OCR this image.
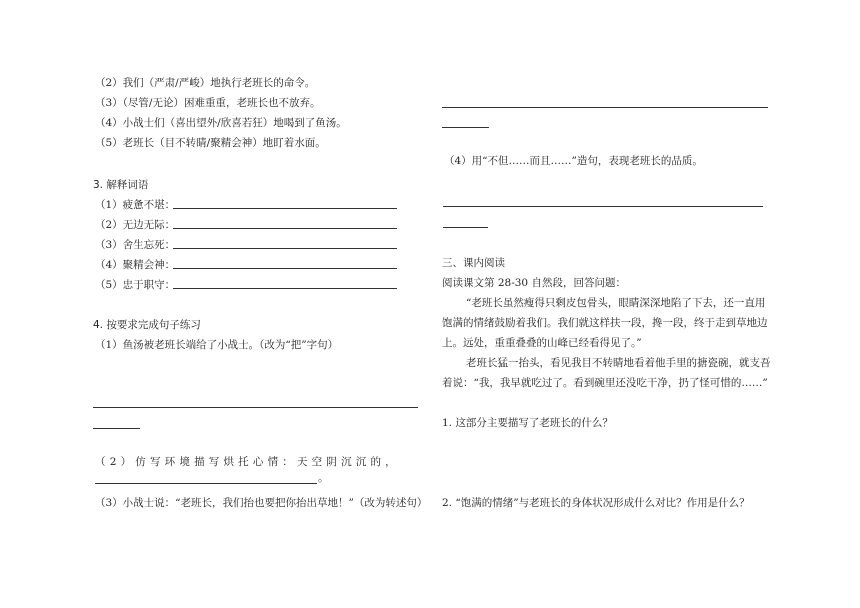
（2）我们（严肃/严峻）地执行老班长的命令。
（3）（尽管/无论）困难重重，老班长也不放弃。
（4）小战士们（喜出望外/欣喜若狂）地喝到了鱼汤。
（5）老班长（目不转睛/聚精会神）地盯着水面。
3. 解释词语
（1）疲惫不堪：
（2）无边无际：
（3）舍生忘死：
（4）聚精会神：
（5）忠于职守：
4. 按要求完成句子练习
（1）鱼汤被老班长端给了小战士。（改为“把”字句）
（2）仿写环境描写烘托心情：天空阴沉沉的，
。
（3）小战士说：“老班长，我们抬也要把你抬出草地！”（改为转述句）
（4）用“不但……而且……”造句，表现老班长的品质。
三、课内阅读
阅读课文第 28-30 自然段，回答问题：
“老班长虽然瘦得只剩皮包骨头，眼睛深深地陷了下去，还一直用
饱满的情绪鼓励着我们。我们就这样扶一段，搀一段，终于走到草地边
上。远处，重重叠叠的山峰已经看得见了。”
老班长猛一抬头，看见我目不转睛地看着他手里的搪瓷碗，就支吾
着说：“我，我早就吃过了。看到碗里还没吃干净，扔了怪可惜的……”
1. 这部分主要描写了老班长的什么？
2. “饱满的情绪”与老班长的身体状况形成什么对比？作用是什么？
